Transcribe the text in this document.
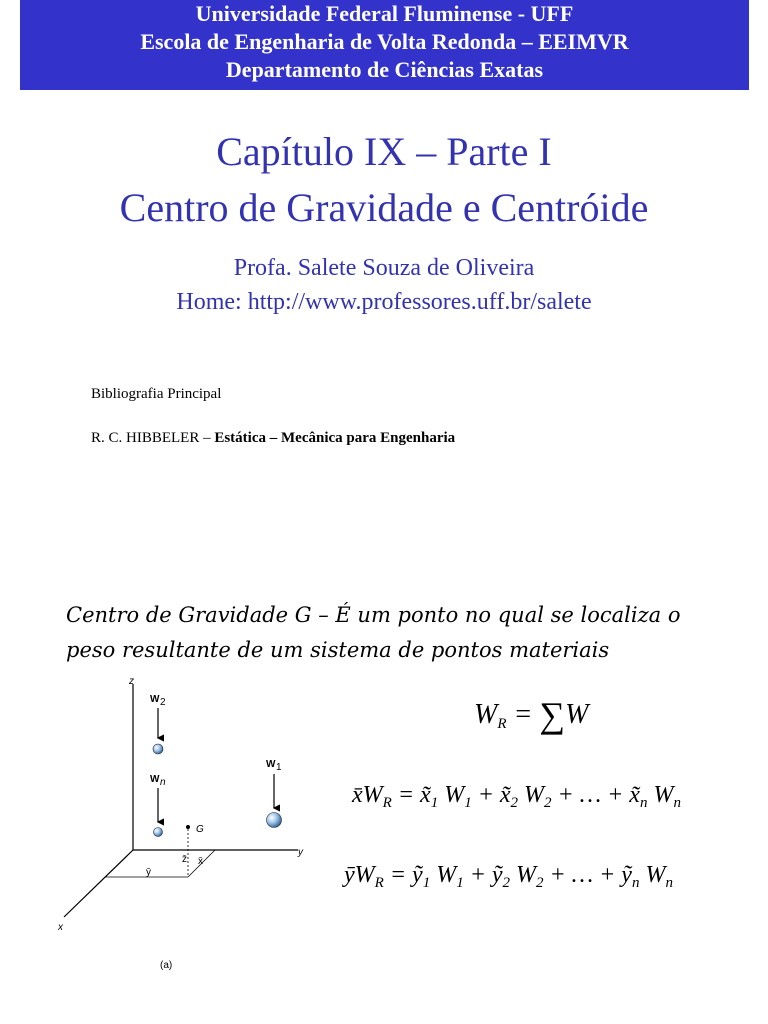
Universidade Federal Fluminense - UFF
Escola de Engenharia de Volta Redonda – EEIMVR
Departamento de Ciências Exatas
Capítulo IX – Parte I
Centro de Gravidade e Centróide
Profa. Salete Souza de Oliveira
Home: http://www.professores.uff.br/salete
Bibliografia Principal
R. C. HIBBELER – Estática – Mecânica para Engenharia
Centro de Gravidade G – É um ponto no qual se localiza o
peso resultante de um sistema de pontos materiais
z
y
x
W 2
W n
W 1
G
z̄ x̄
ȳ
(a)
$W_R = \sum W$
$x̄W_R$ = $x̃_1$ $W_1$ + $x̃_2$ $W_2$ + … + $x̃_n$ $W_n$
$ȳW_R$ = ỹ$_1$ $W_1$ + ỹ$_2$ $W_2$ + … + ỹ$_n$ $W_n$
